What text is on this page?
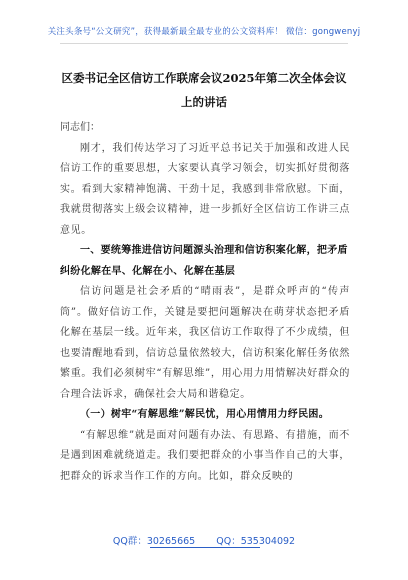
关注头条号“公文研究”，获得最新最全最专业的公文资料库！ 微信：gongwenyj
区委书记全区信访工作联席会议2025年第二次全体会议上的讲话

同志们：

刚才，我们传达学习了习近平总书记关于加强和改进人民信访工作的重要思想，大家要认真学习领会，切实抓好贯彻落实。看到大家精神饱满、干劲十足，我感到非常欣慰。下面，我就贯彻落实上级会议精神，进一步抓好全区信访工作讲三点意见。

一、要统筹推进信访问题源头治理和信访积案化解，把矛盾纠纷化解在早、化解在小、化解在基层

信访问题是社会矛盾的“晴雨表”，是群众呼声的“传声筒”。做好信访工作，关键是要把问题解决在萌芽状态把矛盾化解在基层一线。近年来，我区信访工作取得了不少成绩，但也要清醒地看到，信访总量依然较大，信访积案化解任务依然繁重。我们必须树牢“有解思维”，用心用力用情解决好群众的合理合法诉求，确保社会大局和谐稳定。

（一）树牢“有解思维”解民忧，用心用情用力纾民困。

“有解思维”就是面对问题有办法、有思路、有措施，而不是遇到困难就绕道走。我们要把群众的小事当作自己的大事，把群众的诉求当作工作的方向。比如，群众反映的

QQ群：30265665 QQ：535304092
